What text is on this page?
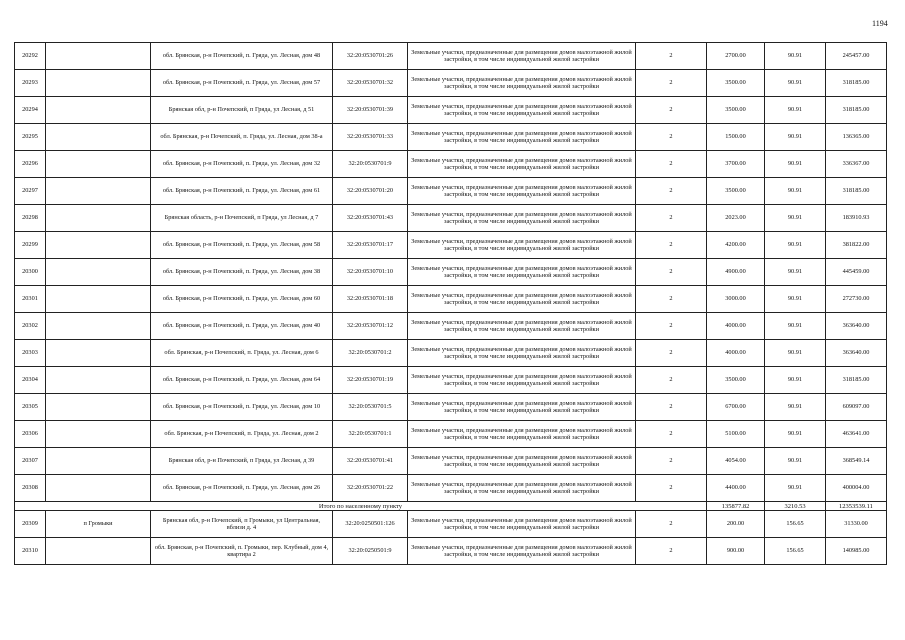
1194
20292		обл. Брянская, р-н Почепский, п. Гряда, ул. Лесная, дом 48	32:20:0530701:26	Земельные участки, предназначенные для размещения домов малоэтажной жилой застройки, в том числе индивидуальной жилой застройки	2	2700.00	90.91	245457.00
20293		обл. Брянская, р-н Почепский, п. Гряда, ул. Лесная, дом 57	32:20:0530701:32	Земельные участки, предназначенные для размещения домов малоэтажной жилой застройки, в том числе индивидуальной жилой застройки	2	3500.00	90.91	318185.00
20294		Брянская обл, р-н Почепский, п Гряда, ул Лесная, д 51	32:20:0530701:39	Земельные участки, предназначенные для размещения домов малоэтажной жилой застройки, в том числе индивидуальной жилой застройки	2	3500.00	90.91	318185.00
20295		обл. Брянская, р-н Почепский, п. Гряда, ул. Лесная, дом 38-а	32:20:0530701:33	Земельные участки, предназначенные для размещения домов малоэтажной жилой застройки, в том числе индивидуальной жилой застройки	2	1500.00	90.91	136365.00
20296		обл. Брянская, р-н Почепский, п. Гряда, ул. Лесная, дом 32	32:20:0530701:9	Земельные участки, предназначенные для размещения домов малоэтажной жилой застройки, в том числе индивидуальной жилой застройки	2	3700.00	90.91	336367.00
20297		обл. Брянская, р-н Почепский, п. Гряда, ул. Лесная, дом 61	32:20:0530701:20	Земельные участки, предназначенные для размещения домов малоэтажной жилой застройки, в том числе индивидуальной жилой застройки	2	3500.00	90.91	318185.00
20298		Брянская область, р-н Почепский, п Гряда, ул Лесная, д 7	32:20:0530701:43	Земельные участки, предназначенные для размещения домов малоэтажной жилой застройки, в том числе индивидуальной жилой застройки	2	2023.00	90.91	183910.93
20299		обл. Брянская, р-н Почепский, п. Гряда, ул. Лесная, дом 58	32:20:0530701:17	Земельные участки, предназначенные для размещения домов малоэтажной жилой застройки, в том числе индивидуальной жилой застройки	2	4200.00	90.91	381822.00
20300		обл. Брянская, р-н Почепский, п. Гряда, ул. Лесная, дом 38	32:20:0530701:10	Земельные участки, предназначенные для размещения домов малоэтажной жилой застройки, в том числе индивидуальной жилой застройки	2	4900.00	90.91	445459.00
20301		обл. Брянская, р-н Почепский, п. Гряда, ул. Лесная, дом 60	32:20:0530701:18	Земельные участки, предназначенные для размещения домов малоэтажной жилой застройки, в том числе индивидуальной жилой застройки	2	3000.00	90.91	272730.00
20302		обл. Брянская, р-н Почепский, п. Гряда, ул. Лесная, дом 40	32:20:0530701:12	Земельные участки, предназначенные для размещения домов малоэтажной жилой застройки, в том числе индивидуальной жилой застройки	2	4000.00	90.91	363640.00
20303		обл. Брянская, р-н Почепский, п. Гряда, ул. Лесная, дом 6	32:20:0530701:2	Земельные участки, предназначенные для размещения домов малоэтажной жилой застройки, в том числе индивидуальной жилой застройки	2	4000.00	90.91	363640.00
20304		обл. Брянская, р-н Почепский, п. Гряда, ул. Лесная, дом 64	32:20:0530701:19	Земельные участки, предназначенные для размещения домов малоэтажной жилой застройки, в том числе индивидуальной жилой застройки	2	3500.00	90.91	318185.00
20305		обл. Брянская, р-н Почепский, п. Гряда, ул. Лесная, дом 10	32:20:0530701:5	Земельные участки, предназначенные для размещения домов малоэтажной жилой застройки, в том числе индивидуальной жилой застройки	2	6700.00	90.91	609097.00
20306		обл. Брянская, р-н Почепский, п. Гряда, ул. Лесная, дом 2	32:20:0530701:1	Земельные участки, предназначенные для размещения домов малоэтажной жилой застройки, в том числе индивидуальной жилой застройки	2	5100.00	90.91	463641.00
20307		Брянская обл, р-н Почепский, п Гряда, ул Лесная, д 39	32:20:0530701:41	Земельные участки, предназначенные для размещения домов малоэтажной жилой застройки, в том числе индивидуальной жилой застройки	2	4054.00	90.91	368549.14
20308		обл. Брянская, р-н Почепский, п. Гряда, ул. Лесная, дом 26	32:20:0530701:22	Земельные участки, предназначенные для размещения домов малоэтажной жилой застройки, в том числе индивидуальной жилой застройки	2	4400.00	90.91	400004.00
Итого по населенному пункту						135877.82	3210.53	12353539.11
20309	п Громыки	Брянская обл, р-н Почепский, п Громыки, ул Центральная, вблизи д. 4	32:20:0250501:126	Земельные участки, предназначенные для размещения домов малоэтажной жилой застройки, в том числе индивидуальной жилой застройки	2	200.00	156.65	31330.00
20310		обл. Брянская, р-н Почепский, п. Громыки, пер. Клубный, дом 4, квартира 2	32:20:0250501:9	Земельные участки, предназначенные для размещения домов малоэтажной жилой застройки, в том числе индивидуальной жилой застройки	2	900.00	156.65	140985.00
